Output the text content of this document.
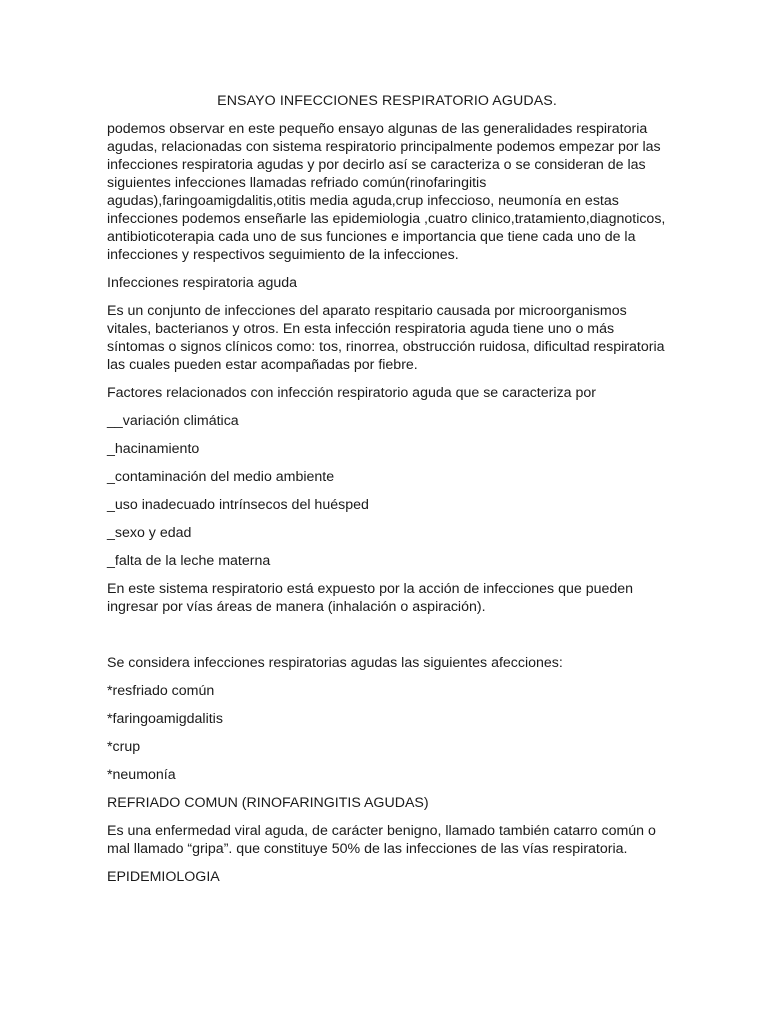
ENSAYO INFECCIONES RESPIRATORIO AGUDAS.

podemos observar en este pequeño ensayo algunas de las generalidades respiratoria agudas, relacionadas con sistema respiratorio principalmente podemos empezar por las infecciones respiratoria agudas y por decirlo así se caracteriza o se consideran de las siguientes infecciones llamadas refriado común(rinofaringitis agudas),faringoamigdalitis,otitis media aguda,crup infeccioso, neumonía en estas infecciones podemos enseñarle las epidemiologia ,cuatro clinico,tratamiento,diagnoticos, antibioticoterapia cada uno de sus funciones e importancia que tiene cada uno de la infecciones y respectivos seguimiento de la infecciones.

Infecciones respiratoria aguda

Es un conjunto de infecciones del aparato respitario causada por microorganismos vitales, bacterianos y otros. En esta infección respiratoria aguda tiene uno o más síntomas o signos clínicos como: tos, rinorrea, obstrucción ruidosa, dificultad respiratoria las cuales pueden estar acompañadas por fiebre.

Factores relacionados con infección respiratorio aguda que se caracteriza por

__variación climática

_hacinamiento

_contaminación del medio ambiente

_uso inadecuado intrínsecos del huésped

_sexo y edad

_falta de la leche materna

En este sistema respiratorio está expuesto por la acción de infecciones que pueden ingresar por vías áreas de manera (inhalación o aspiración).

Se considera infecciones respiratorias agudas las siguientes afecciones:

*resfriado común

*faringoamigdalitis

*crup

*neumonía

REFRIADO COMUN (RINOFARINGITIS AGUDAS)

Es una enfermedad viral aguda, de carácter benigno, llamado también catarro común o mal llamado “gripa”. que constituye 50% de las infecciones de las vías respiratoria.

EPIDEMIOLOGIA
